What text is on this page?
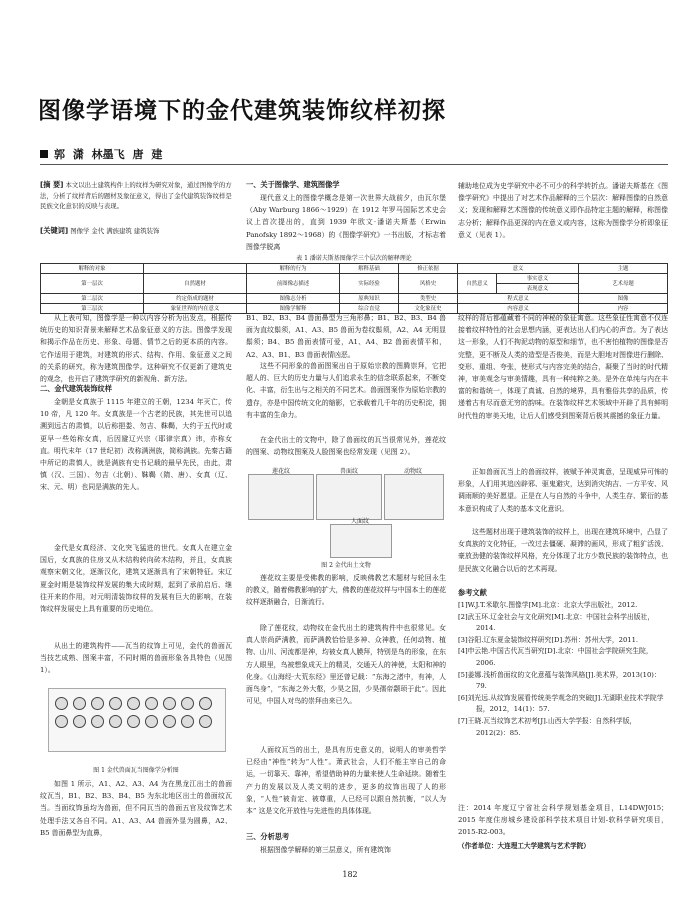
图像学语境下的金代建筑装饰纹样初探
郭 潇 林墨飞 唐 建
[摘 要] 本文以出土建筑构件上的纹样为研究对象，通过图像学的方法，分析了纹样背后的题材及象征意义，得出了金代建筑装饰纹样是民族文化意识的反映与表现。
[关键词] 图像学 金代 满族建筑 建筑装饰
一、关于图像学、建筑图像学
现代意义上的图像学概念是第一次世界大战前夕，由瓦尔堡（Aby Warburg 1866～1929）在 1912 年罗马国际艺术史会议上首次提出的，直到 1939 年欧文·潘诺夫斯基（Erwin Panofsky 1892～1968）的《图像学研究》一书出版，才标志着图像学脱离
辅助地位成为史学研究中必不可少的科学转折点。潘诺夫斯基在《图像学研究》中提出了对艺术作品解释的三个层次：解释图像的自然意义；发现和解释艺术图像的传统意义即作品特定主题的解释，称图像志分析；解释作品更深的内在意义或内容，这称为图像学分析即象征意义（见表 1）。
表 1 潘诺夫斯基图像学三个层次的解释理论
解释的对象		解释的行为	解释基础	修正依据	意义		主题
第一层次	自然题材	前图像志描述	实际经验	风格史	自然意义	事实意义	艺术母题
						表现意义	
第二层次	约定俗成的题材	图像志分析	原典知识	类型史	程式意义		图像
第三层次	象征世界的内在意义	图像学解释	综合直觉	文化象征史	内容意义		内容
从上表可知，图像学是一种以内容分析为出发点，根据传统历史的知识背景来解释艺术品象征意义的方法。图像学发现和揭示作品在历史、形象、母题、情节之后的更本质的内容。它作适用于建筑，对建筑的形式、结构、作用、象征意义之间的关系的研究，称为建筑图像学。这种研究不仅更新了建筑史的观念，也开启了建筑学研究的新视角、新方法。
二、金代建筑装饰纹样
金朝是女真族于 1115 年建立的王朝，1234 年灭亡，传 10 帝，凡 120 年。女真族是一个古老的民族，其先世可以追溯到远古的肃慎，以后称挹娄、勿吉、靺鞨，大约于五代时或更早一些始称女真，后因避辽兴宗（耶律宗真）讳，亦称女直。明代末年（17 世纪初）改称满洲族，简称满族。先秦古籍中所记的肃慎人，就是满族有史书记载的最早先民，由此，肃慎（汉、三国）、勿吉（北朝）、靺鞨（隋、唐）、女真（辽、宋、元、明）也同是满族的先人。
金代是女真经济、文化突飞猛进的世代。女真人在建立金国后，女真族的住房又从木结构转向砖木结构，并且，女真族观察宋朝文化，逐渐汉化，建筑又逐渐具有了宋朝特征。宋辽夏金时期是装饰纹样发展的集大成时期，起到了承前启后、继往开来的作用，对元明清装饰纹样的发展有巨大的影响，在装饰纹样发展史上具有重要的历史地位。
从出土的建筑构件——瓦当的纹饰上可见，金代的兽面瓦当技艺成熟、图案丰富，不同时期的兽面形象各具特色（见图 1）。
图 1 金代兽面瓦当图像学分析图
如图 1 所示，A1、A2、A3、A4 为在黑龙江出土的兽面纹瓦当，B1、B2、B3、B4、B5 为东北地区出土的兽面纹瓦当。当面纹饰虽均为兽面，但不同瓦当的兽面五官及纹饰艺术处理手法又各自不同。A1、A3、A4 兽面外显为圆鼻，A2、B5 兽面鼻型为直鼻，
B1、B2、B3、B4 兽面鼻型为三角形鼻；B1、B2、B3、B4 兽面为直纹鬃须，A1、A3、B5 兽面为卷纹鬃须，A2、A4 无明显鬃须；B4、B5 兽面表情可爱，A1、A4、B2 兽面表情平和，A2、A3、B1、B3 兽面表情凶恶。
这些不同形象的兽面图案出自于原始宗教的图腾崇拜，它把超人的、巨大的历史力量与人们追求永生的信念联系起来，不断变化、丰富，衍生出与之相关的不同艺术。兽面图案作为原始宗教的遗存，亦是中国传统文化的缩影，它承载着几千年的历史积淀，拥有丰富的生命力。
在金代出土的文物中，除了兽面纹的瓦当很常见外，莲花纹的图案、动物纹图案及人脸图案也经常发现（见图 2）。
莲花纹	兽面纹	动物纹
人面纹
图 2 金代出土文物
莲花纹主要是受佛教的影响，反映佛教艺术题材与轮回永生的教义，随着佛教影响的扩大，佛教的莲花纹样与中国本土的莲花纹样逐渐融合，日渐流行。
除了莲花纹，动物纹在金代出土的建筑构件中也很常见。女真人崇尚萨满教，而萨满教恰恰是多神、众神教，任何动物、植物、山川、河流都是神，均被女真人膜拜，特别是鸟的形象，在东方人眼里，鸟被想象成天上的精灵，交通天人的神使，太阳和神的化身。《山海经·大荒东经》里还曾记载：“东海之渚中，有神，人面鸟身”，“东海之外大壑，少昊之国，少昊孺帝颛顼于此”。因此可见，中国人对鸟的崇拜由来已久。
人面纹瓦当的出土，是具有历史意义的，说明人的审美哲学已经由“神性”转为“人性”。萧武社会，人们不能主宰自己的命运，一切靠天、靠神，希望借助神的力量来使人生命延续。随着生产力的发展以及人类文明的进步，更多的纹饰出现了人的形象，“人性”被肯定、被尊重，人已经可以跟自然抗衡，“以人为本” 这是文化开放性与先进性的具体体现。
三、分析思考
根据图像学解释的第三层意义，所有建筑饰
纹样的背后都蕴藏着不同的神秘的象征寓意。这些象征性寓意不仅连接着纹样特性的社会思想内涵，更表达出人们内心的声音。为了表达这一形象，人们不拘泥动物的原型和细节，也不害怕植物的图像是否完整，更不断及人类的造型是否俊美，而是大胆地对图像进行删除、变形、重组、夸张，使形式与内容完美的结合，凝聚了当时的时代精神，审美观念与审美情趣，具有一种纯粹之美。是外在单纯与内在丰富的和谐统一，体现了真诚、自然的境界，具有雅俗共享的品质，传递着古有尽而意无穷的韵味。在装饰纹样艺术领域中开辟了具有鲜明时代性的审美天地，让后人们感受到图案背后极其震撼的象征力量。
正如兽面瓦当上的兽面纹样，被赋予神灵寓意，呈现威异可怖的形象，人们用其追凶辟邪、驱鬼避灾，达到消灾纳吉、一方平安、风调雨顺的美好愿望。正是在人与自然的斗争中，人类生存、繁衍的基本意识构成了人类的基本文化意识。
这些题材出现于建筑装饰的纹样上，出现在建筑环境中，凸显了女真族的文化特征，一改过去僵硬、凝滞的画风，形成了粗犷活泼、豪放劲健的装饰纹样风格，充分体现了北方少数民族的装饰特点，也是民族文化融合以后的艺术再现。
参考文献

[1]W.J.T.米歇尔.图像学[M].北京：北京大学出版社，2012.

[2]武玉环.辽金社会与文化研究[M].北京：中国社会科学出版社，2014.

[3]谷阳.辽东夏金装饰纹样研究[D].苏州：苏州大学，2011.

[4]申云艳.中国古代瓦当研究[D].北京：中国社会学院研究生院，2006.

[5]姜娜.浅析兽面纹的文化意蕴与装饰风格[J].美术界，2013(10)：79.

[6]刘光远.从纹饰发展看传统美学观念的突破[J].无湖职业技术学院学报，2012，14(1)：57.

[7]王晓.瓦当纹饰艺术初考[J].山西大学学报：自然科学版，2012(2)：85.

注：2014 年度辽宁省社会科学规划基金项目，L14DWJ015；2015 年度住房城乡建设部科学技术项目计划-软科学研究项目，2015-R2-003。
（作者单位：大连理工大学建筑与艺术学院）
182
